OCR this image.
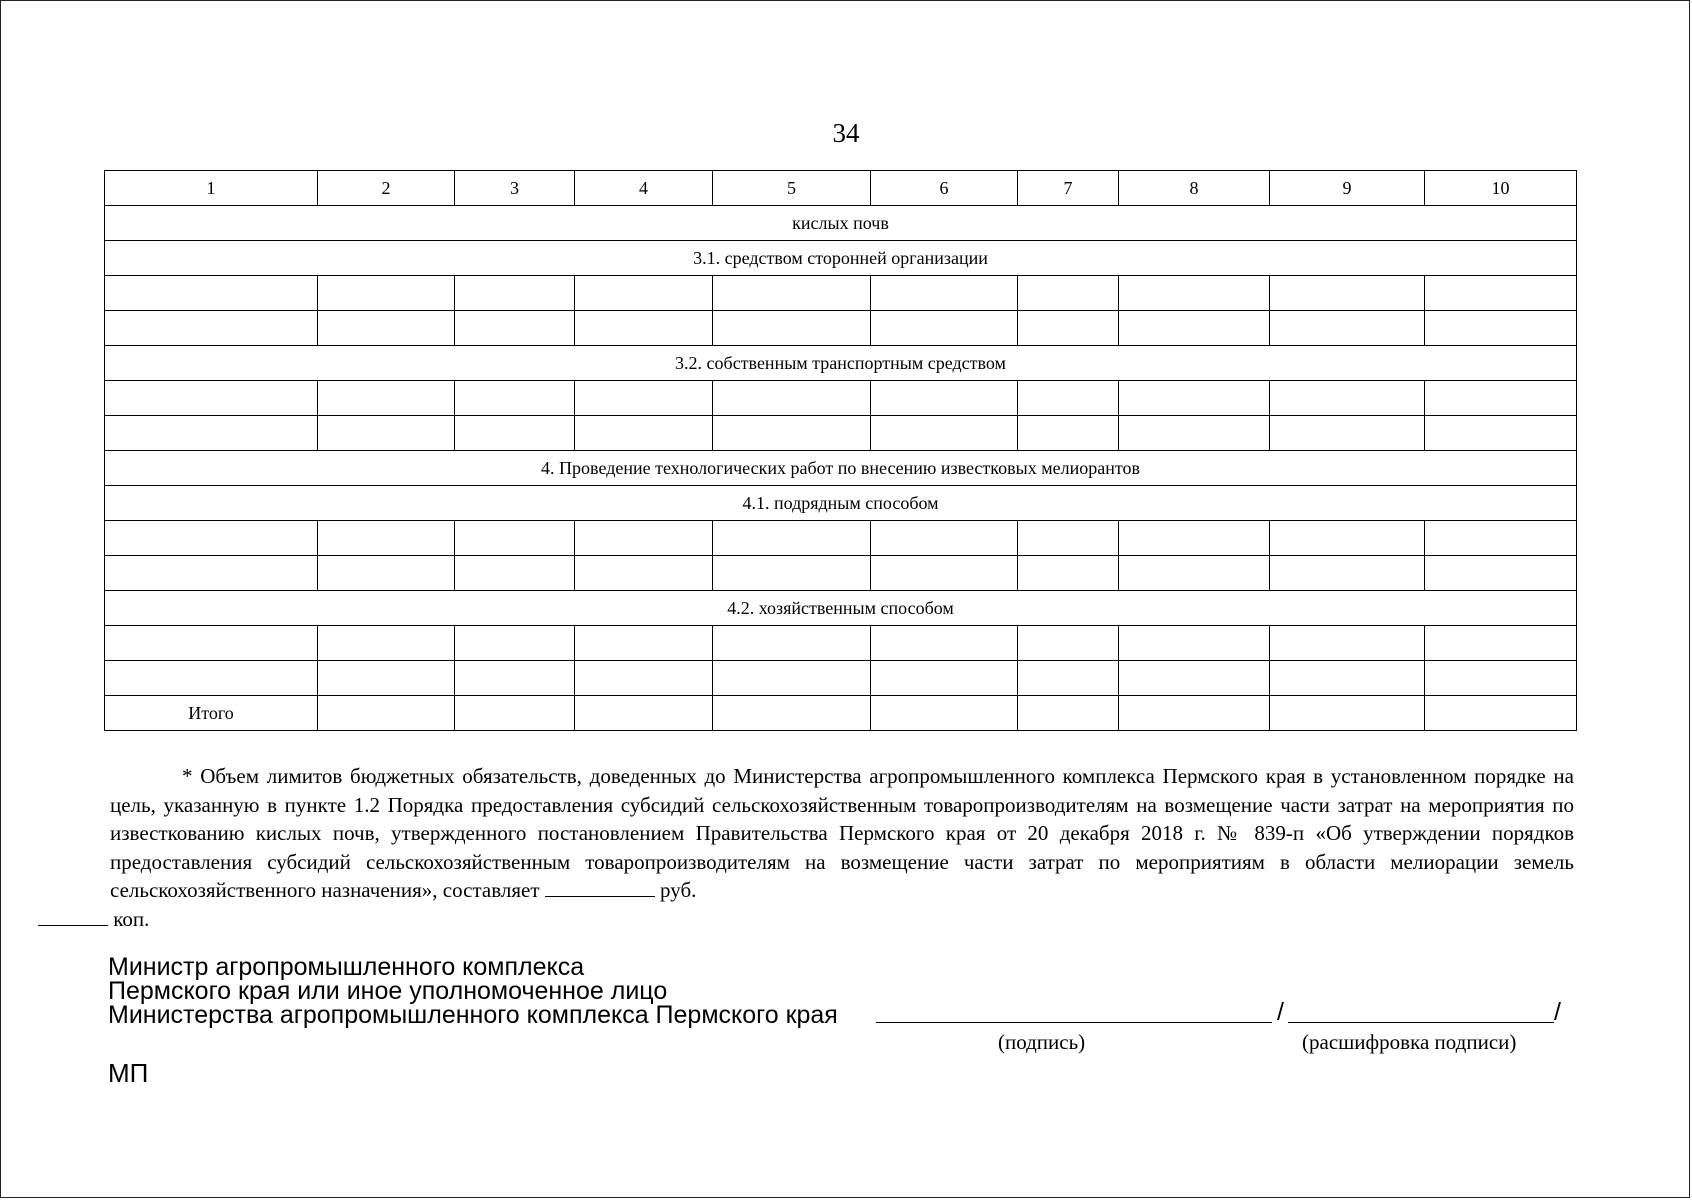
34
1	2	3	4	5	6	7	8	9	10
кислых почв									
3.1. средством сторонней организации									

3.2. собственным транспортным средством									

4. Проведение технологических работ по внесению известковых мелиорантов									
4.1. подрядным способом									

4.2. хозяйственным способом									

Итого									
* Объем лимитов бюджетных обязательств, доведенных до Министерства агропромышленного комплекса Пермского края в установленном порядке на цель, указанную в пункте 1.2 Порядка предоставления субсидий сельскохозяйственным товаропроизводителям на возмещение части затрат на мероприятия по известкованию кислых почв, утвержденного постановлением Правительства Пермского края от 20 декабря 2018 г. № 839-п «Об утверждении порядков предоставления субсидий сельскохозяйственным товаропроизводителям на возмещение части затрат по мероприятиям в области мелиорации земель сельскохозяйственного назначения», составляет	руб.
коп.
Министр агропромышленного комплекса
Пермского края или иное уполномоченное лицо
Министерства агропромышленного комплекса Пермского края	/	/
(подпись)	(расшифровка подписи)
МП
